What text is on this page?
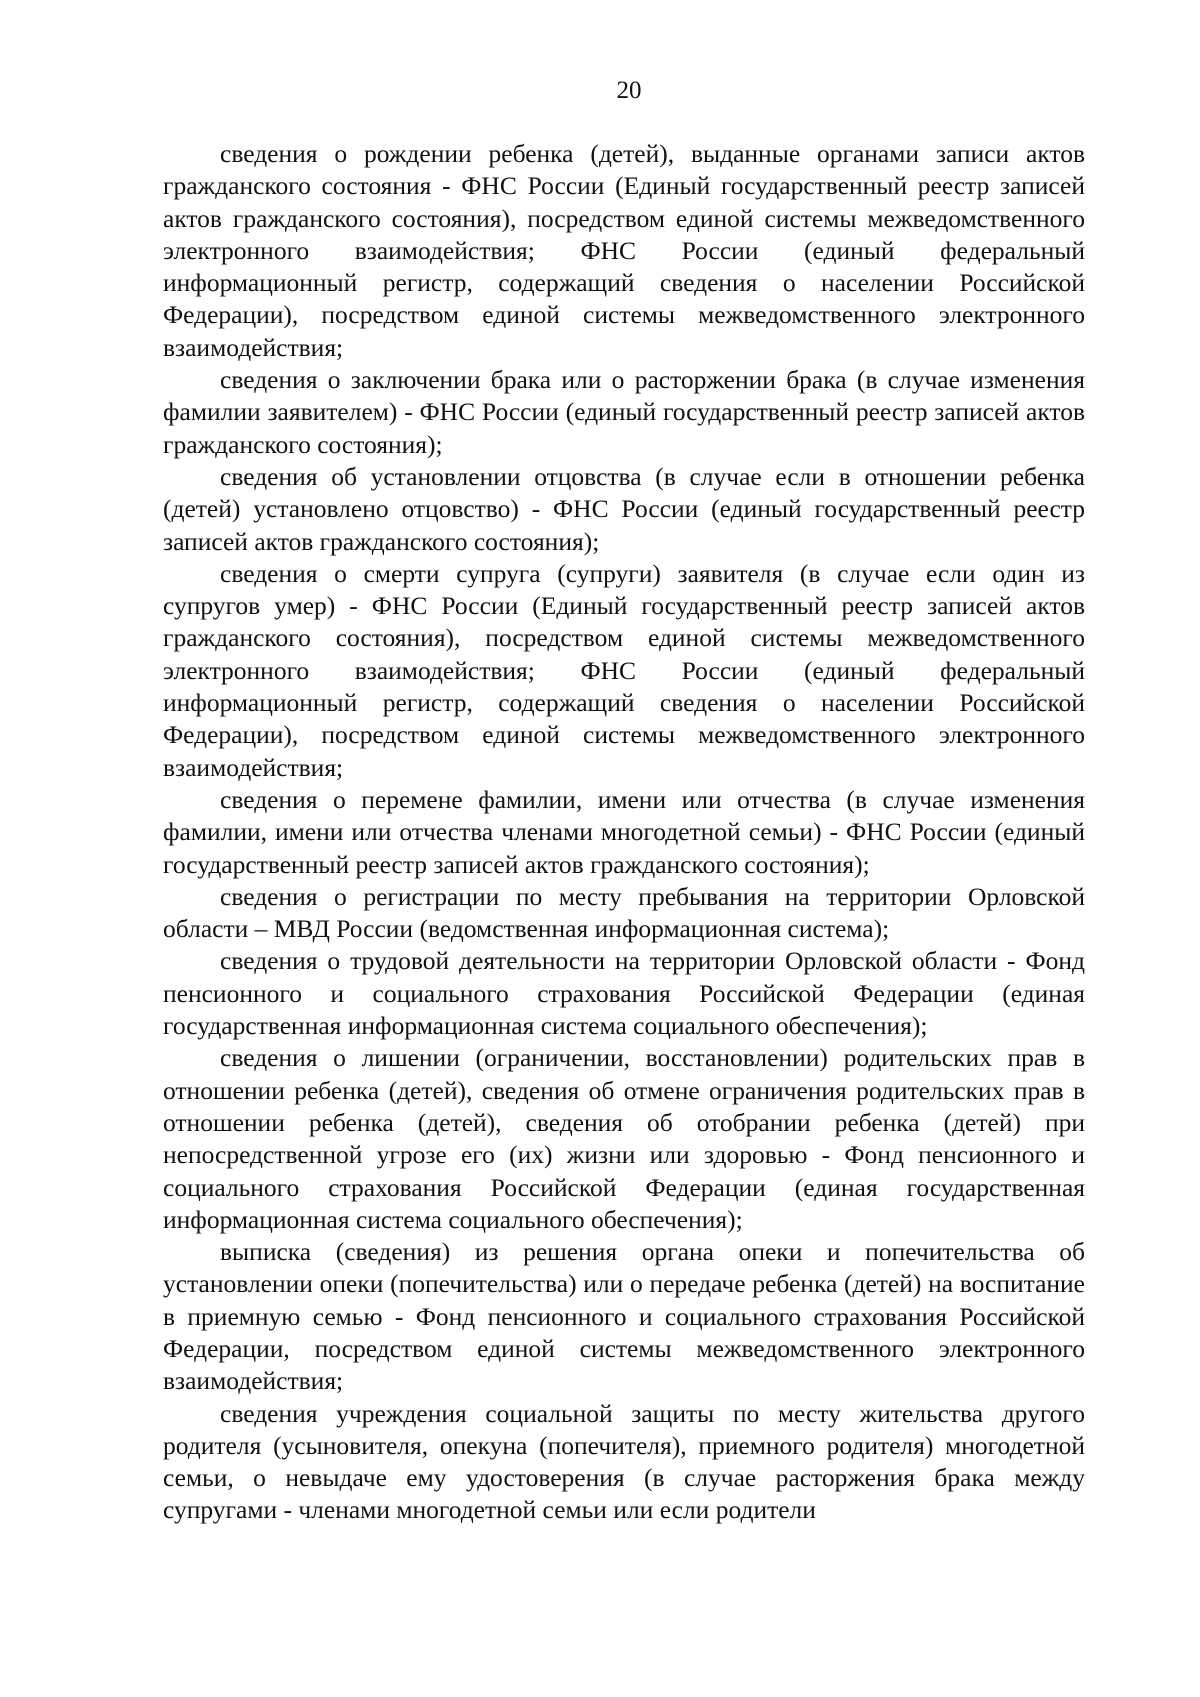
20

сведения о рождении ребенка (детей), выданные органами записи актов гражданского состояния - ФНС России (Единый государственный реестр записей актов гражданского состояния), посредством единой системы межведомственного электронного взаимодействия; ФНС России (единый федеральный информационный регистр, содержащий сведения о населении Российской Федерации), посредством единой системы межведомственного электронного взаимодействия;

сведения о заключении брака или о расторжении брака (в случае изменения фамилии заявителем) - ФНС России (единый государственный реестр записей актов гражданского состояния);

сведения об установлении отцовства (в случае если в отношении ребенка (детей) установлено отцовство) - ФНС России (единый государственный реестр записей актов гражданского состояния);

сведения о смерти супруга (супруги) заявителя (в случае если один из супругов умер) - ФНС России (Единый государственный реестр записей актов гражданского состояния), посредством единой системы межведомственного электронного взаимодействия; ФНС России (единый федеральный информационный регистр, содержащий сведения о населении Российской Федерации), посредством единой системы межведомственного электронного взаимодействия;

сведения о перемене фамилии, имени или отчества (в случае изменения фамилии, имени или отчества членами многодетной семьи) - ФНС России (единый государственный реестр записей актов гражданского состояния);

сведения о регистрации по месту пребывания на территории Орловской области – МВД России (ведомственная информационная система);

сведения о трудовой деятельности на территории Орловской области - Фонд пенсионного и социального страхования Российской Федерации (единая государственная информационная система социального обеспечения);

сведения о лишении (ограничении, восстановлении) родительских прав в отношении ребенка (детей), сведения об отмене ограничения родительских прав в отношении ребенка (детей), сведения об отобрании ребенка (детей) при непосредственной угрозе его (их) жизни или здоровью - Фонд пенсионного и социального страхования Российской Федерации (единая государственная информационная система социального обеспечения);

выписка (сведения) из решения органа опеки и попечительства об установлении опеки (попечительства) или о передаче ребенка (детей) на воспитание в приемную семью - Фонд пенсионного и социального страхования Российской Федерации, посредством единой системы межведомственного электронного взаимодействия;

сведения учреждения социальной защиты по месту жительства другого родителя (усыновителя, опекуна (попечителя), приемного родителя) многодетной семьи, о невыдаче ему удостоверения (в случае расторжения брака между супругами - членами многодетной семьи или если родители
